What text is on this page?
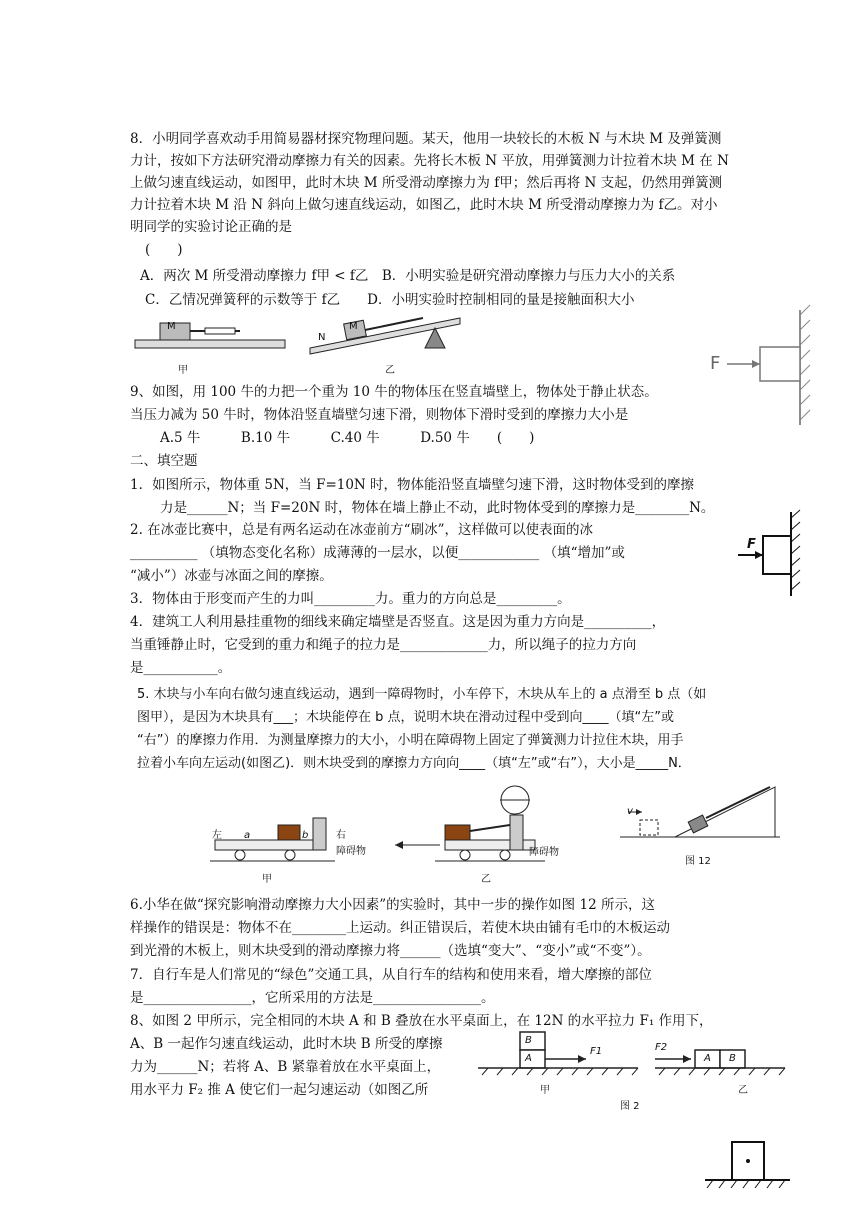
8．小明同学喜欢动手用简易器材探究物理问题。某天，他用一块较长的木板 N 与木块 M 及弹簧测力计，按如下方法研究滑动摩擦力有关的因素。先将长木板 N 平放，用弹簧测力计拉着木块 M 在 N 上做匀速直线运动，如图甲，此时木块 M 所受滑动摩擦力为 f甲；然后再将 N 支起，仍然用弹簧测力计拉着木块 M 沿 N 斜向上做匀速直线运动，如图乙，此时木块 M 所受滑动摩擦力为 f乙。对小明同学的实验讨论正确的是
(　　)
A．两次 M 所受滑动摩擦力 f甲 < f乙　B．小明实验是研究滑动摩擦力与压力大小的关系
C．乙情况弹簧秤的示数等于 f乙　　D．小明实验时控制相同的量是接触面积大小
M
甲
N
M
乙	F
9、如图，用 100 牛的力把一个重为 10 牛的物体压在竖直墙壁上，物体处于静止状态。
当压力减为 50 牛时，物体沿竖直墙壁匀速下滑，则物体下滑时受到的摩擦力大小是
A.5 牛　　　B.10 牛　　　C.40 牛　　　D.50 牛　　(　　)
二、填空题
1．如图所示，物体重 5N，当 F=10N 时，物体能沿竖直墙壁匀速下滑，这时物体受到的摩擦
力是______N；当 F=20N 时，物体在墙上静止不动，此时物体受到的摩擦力是________N。
F
2. 在冰壶比赛中，总是有两名运动在冰壶前方“刷冰”，这样做可以使表面的冰
__________ （填物态变化名称）成薄薄的一层水，以便____________ （填“增加”或
“减小”）冰壶与冰面之间的摩擦。
3．物体由于形变而产生的力叫_________力。重力的方向总是_________。
4．建筑工人利用悬挂重物的细线来确定墙壁是否竖直。这是因为重力方向是__________，
当重锤静止时，它受到的重力和绳子的拉力是_____________力，所以绳子的拉力方向
是___________。
5. 木块与小车向右做匀速直线运动，遇到一障碍物时，小车停下，木块从车上的 a 点滑至 b 点（如
图甲），是因为木块具有___；木块能停在 b 点，说明木块在滑动过程中受到向____（填“左”或
“右”）的摩擦力作用．为测量摩擦力的大小，小明在障碍物上固定了弹簧测力计拉住木块，用手
拉着小车向左运动(如图乙)．则木块受到的摩擦力方向向____（填“左”或“右”），大小是_____N．
左 a	b	右
障碍物
甲
障碍物
乙
v
图 12
6.小华在做“探究影响滑动摩擦力大小因素”的实验时，其中一步的操作如图 12 所示，这
样操作的错误是：物体不在________上运动。纠正错误后，若使木块由铺有毛巾的木板运动
到光滑的木板上，则木块受到的滑动摩擦力将______（选填“变大”、“变小”或“不变”）。
7．自行车是人们常见的“绿色”交通工具，从自行车的结构和使用来看，增大摩擦的部位
是________________，它所采用的方法是________________。
8、如图 2 甲所示，完全相同的木块 A 和 B 叠放在水平桌面上，在 12N 的水平拉力 F₁ 作用下，
A、B 一起作匀速直线运动，此时木块 B 所受的摩擦
力为______N；若将 A、B 紧靠着放在水平桌面上，
用水平力 F₂ 推 A 使它们一起匀速运动（如图乙所
B
A
F1
甲
F2
A B
乙
图 2
